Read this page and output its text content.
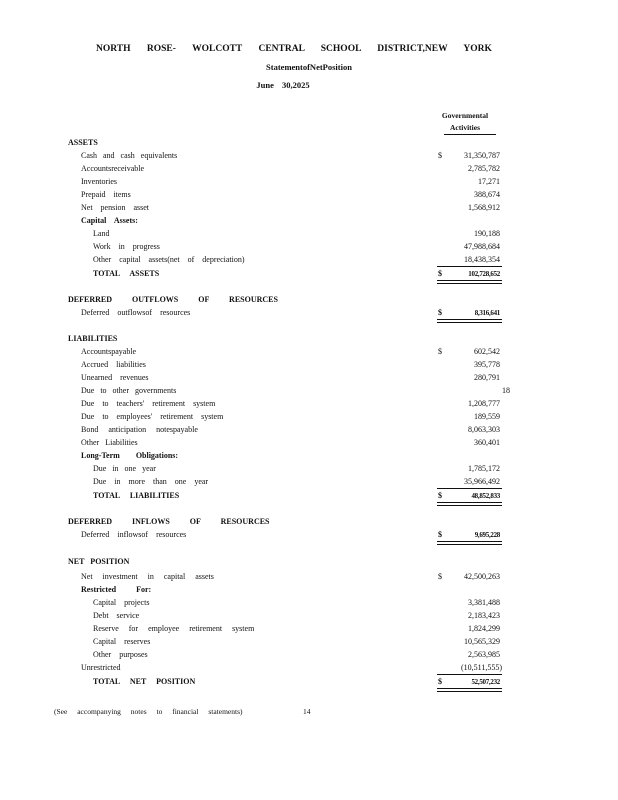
NORTH ROSE- WOLCOTT CENTRAL SCHOOL DISTRICT,NEW YORK
StatementofNetPosition
June 30,2025
Governmental
Activities
ASSETS
Cash and cash equivalents	$	31,350,787
Accountsreceivable	2,785,782
Inventories	17,271
Prepaid items	388,674
Net pension asset	1,568,912
Capital Assets:
Land	190,188
Work in progress	47,988,684
Other capital assets(net of depreciation)	18,438,354
TOTAL ASSETS	$	102,728,652
DEFERRED OUTFLOWS OF RESOURCES
Deferred outflowsof resources	$	8,316,641
LIABILITIES
Accountspayable	$	602,542
Accrued liabilities	395,778
Unearned revenues	280,791
Due to other governments	18
Due to teachers' retirement system	1,208,777
Due to employees' retirement system	189,559
Bond anticipation notespayable	8,063,303
Other Liabilities	360,401
Long-Term Obligations:
Due in one year	1,785,172
Due in more than one year	35,966,492
TOTAL LIABILITIES	$	48,852,833
DEFERRED INFLOWS OF RESOURCES
Deferred inflowsof resources	$	9,695,228
NET POSITION
Net investment in capital assets	$	42,500,263
Restricted For:
Capital projects	3,381,488
Debt service	2,183,423
Reserve for employee retirement system	1,824,299
Capital reserves	10,565,329
Other purposes	2,563,985
Unrestricted	(10,511,555)
TOTAL NET POSITION	$	52,507,232
(See accompanying notes to financial statements)	14
